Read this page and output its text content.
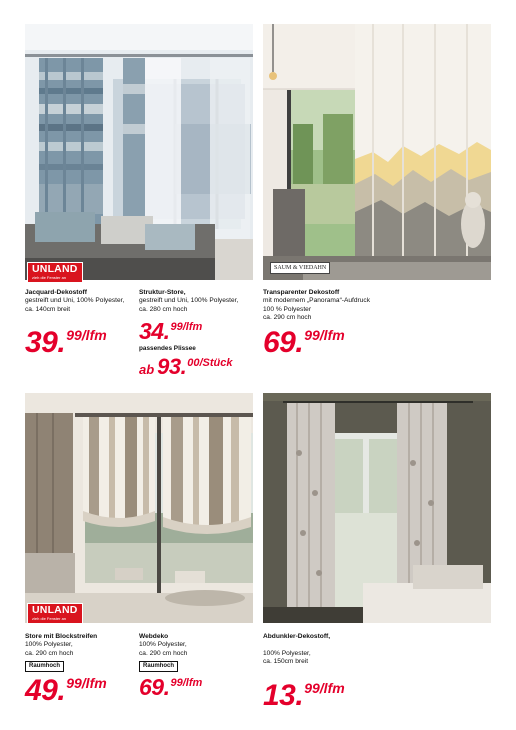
UNLAND
zieh die Fenster an
SAUM & VIEDAHN
UNLAND
zieh die Fenster an
Jacquard-Dekostoff
gestreift und Uni, 100% Polyester,
ca. 140cm breit
39.99/lfm
Struktur-Store,
gestreift und Uni, 100% Polyester,
ca. 280 cm hoch
34.$^{99/lfm}$
passendes Plissee
ab 93.$^{00/Stück}$
Transparenter Dekostoff
mit modernem „Panorama“-Aufdruck
100 % Polyester
ca. 290 cm hoch
69.99/lfm
Store mit Blockstreifen
100% Polyester,
ca. 290 cm hoch
Raumhoch
49.99/lfm
Webdeko
100% Polyester,
ca. 290 cm hoch
Raumhoch
69.$^{99/lfm}$
Abdunkler-Dekostoff,

100% Polyester,
ca. 150cm breit
13.99/lfm
